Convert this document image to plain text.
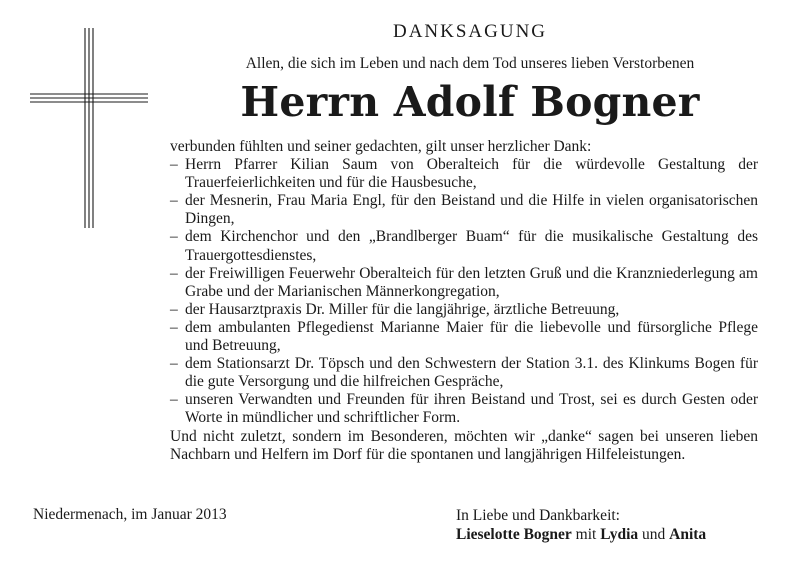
DANKSAGUNG
Allen, die sich im Leben und nach dem Tod unseres lieben Verstorbenen
Herrn Adolf Bogner

verbunden fühlten und seiner gedachten, gilt unser herzlicher Dank:

– Herrn Pfarrer Kilian Saum von Oberalteich für die würdevolle Gestaltung der Trauerfeierlichkeiten und für die Hausbesuche,
– der Mesnerin, Frau Maria Engl, für den Beistand und die Hilfe in vielen organisatorischen Dingen,
– dem Kirchenchor und den „Brandlberger Buam“ für die musikalische Gestaltung des Trauergottesdienstes,
– der Freiwilligen Feuerwehr Oberalteich für den letzten Gruß und die Kranzniederlegung am Grabe und der Marianischen Männerkongregation,
– der Hausarztpraxis Dr. Miller für die langjährige, ärztliche Betreuung,
– dem ambulanten Pflegedienst Marianne Maier für die liebevolle und fürsorgliche Pflege und Betreuung,
– dem Stationsarzt Dr. Töpsch und den Schwestern der Station 3.1. des Klinkums Bogen für die gute Versorgung und die hilfreichen Gespräche,
– unseren Verwandten und Freunden für ihren Beistand und Trost, sei es durch Gesten oder Worte in mündlicher und schriftlicher Form.

Und nicht zuletzt, sondern im Besonderen, möchten wir „danke“ sagen bei unseren lieben Nachbarn und Helfern im Dorf für die spontanen und langjährigen Hilfeleistungen.

Niedermenach, im Januar 2013	In Liebe und Dankbarkeit:
Lieselotte Bogner mit Lydia und Anita
